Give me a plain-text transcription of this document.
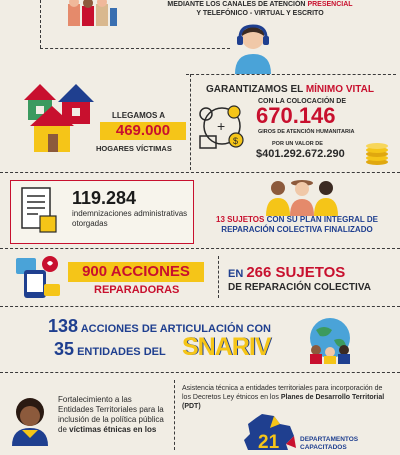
MEDIANTE LOS CANALES DE ATENCIÓN PRESENCIAL
Y TELEFÓNICO - VIRTUAL Y ESCRITO
LLEGAMOS A
469.000
HOGARES VÍCTIMAS
GARANTIZAMOS EL MÍNIMO VITAL
CON LA COLOCACIÓN DE
670.146
GIROS DE ATENCIÓN HUMANITARIA
POR UN VALOR DE
$401.292.672.290
$
+
119.284
indemnizaciones administrativas otorgadas	13 SUJETOS CON SU PLAN INTEGRAL DE REPARACIÓN COLECTIVA FINALIZADO
900 ACCIONES
REPARADORAS
EN 266 SUJETOS
DE REPARACIÓN COLECTIVA
138 ACCIONES DE ARTICULACIÓN CON
35 ENTIDADES DEL SNARIV
Fortalecimiento a las Entidades Territoriales para la inclusión de la política pública de víctimas étnicas en los
Asistencia técnica a entidades territoriales para incorporación de los Decretos Ley étnicos en los Planes de Desarrollo Territorial (PDT)
21	DEPARTAMENTOS
CAPACITADOS
